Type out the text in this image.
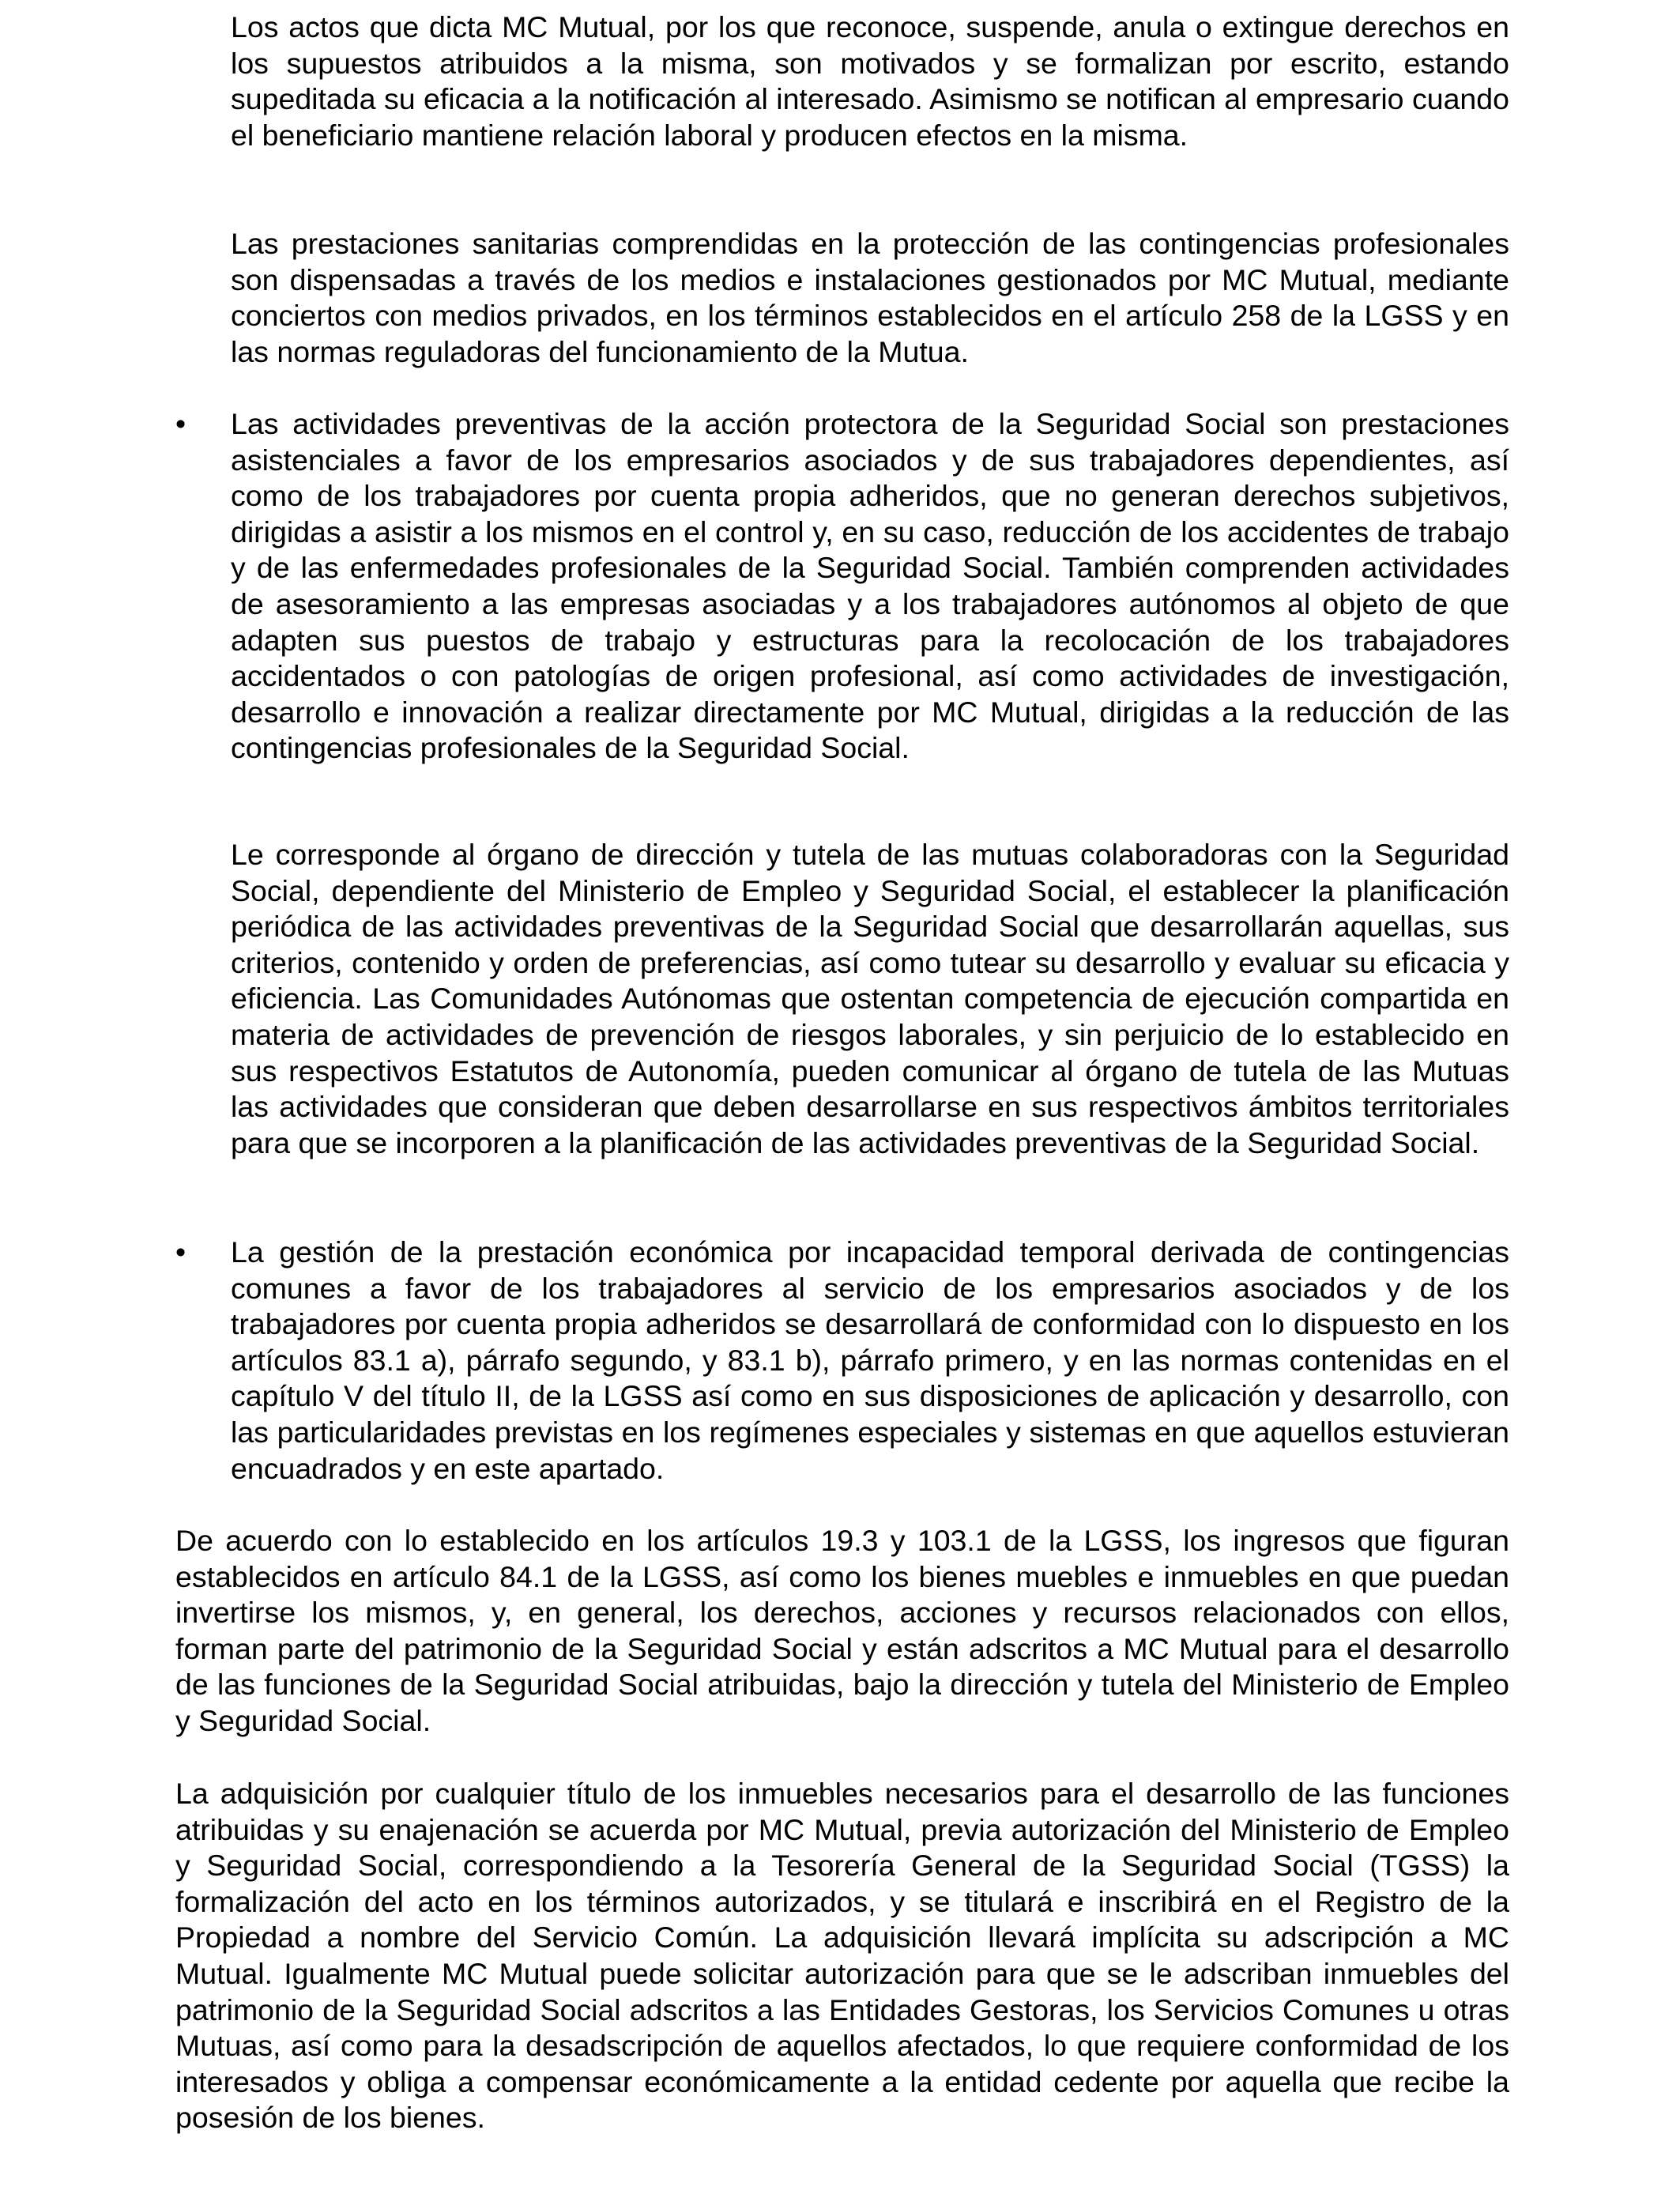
Los actos que dicta MC Mutual, por los que reconoce, suspende, anula o extingue derechos en los supuestos atribuidos a la misma, son motivados y se formalizan por escrito, estando supeditada su eficacia a la notificación al interesado. Asimismo se notifican al empresario cuando el beneficiario mantiene relación laboral y producen efectos en la misma.

Las prestaciones sanitarias comprendidas en la protección de las contingencias profesionales son dispensadas a través de los medios e instalaciones gestionados por MC Mutual, mediante conciertos con medios privados, en los términos establecidos en el artículo 258 de la LGSS y en las normas reguladoras del funcionamiento de la Mutua.

• Las actividades preventivas de la acción protectora de la Seguridad Social son prestaciones asistenciales a favor de los empresarios asociados y de sus trabajadores dependientes, así como de los trabajadores por cuenta propia adheridos, que no generan derechos subjetivos, dirigidas a asistir a los mismos en el control y, en su caso, reducción de los accidentes de trabajo y de las enfermedades profesionales de la Seguridad Social. También comprenden actividades de asesoramiento a las empresas asociadas y a los trabajadores autónomos al objeto de que adapten sus puestos de trabajo y estructuras para la recolocación de los trabajadores accidentados o con patologías de origen profesional, así como actividades de investigación, desarrollo e innovación a realizar directamente por MC Mutual, dirigidas a la reducción de las contingencias profesionales de la Seguridad Social.

Le corresponde al órgano de dirección y tutela de las mutuas colaboradoras con la Seguridad Social, dependiente del Ministerio de Empleo y Seguridad Social, el establecer la planificación periódica de las actividades preventivas de la Seguridad Social que desarrollarán aquellas, sus criterios, contenido y orden de preferencias, así como tutear su desarrollo y evaluar su eficacia y eficiencia. Las Comunidades Autónomas que ostentan competencia de ejecución compartida en materia de actividades de prevención de riesgos laborales, y sin perjuicio de lo establecido en sus respectivos Estatutos de Autonomía, pueden comunicar al órgano de tutela de las Mutuas las actividades que consideran que deben desarrollarse en sus respectivos ámbitos territoriales para que se incorporen a la planificación de las actividades preventivas de la Seguridad Social.

• La gestión de la prestación económica por incapacidad temporal derivada de contingencias comunes a favor de los trabajadores al servicio de los empresarios asociados y de los trabajadores por cuenta propia adheridos se desarrollará de conformidad con lo dispuesto en los artículos 83.1 a), párrafo segundo, y 83.1 b), párrafo primero, y en las normas contenidas en el capítulo V del título II, de la LGSS así como en sus disposiciones de aplicación y desarrollo, con las particularidades previstas en los regímenes especiales y sistemas en que aquellos estuvieran encuadrados y en este apartado.

De acuerdo con lo establecido en los artículos 19.3 y 103.1 de la LGSS, los ingresos que figuran establecidos en artículo 84.1 de la LGSS, así como los bienes muebles e inmuebles en que puedan invertirse los mismos, y, en general, los derechos, acciones y recursos relacionados con ellos, forman parte del patrimonio de la Seguridad Social y están adscritos a MC Mutual para el desarrollo de las funciones de la Seguridad Social atribuidas, bajo la dirección y tutela del Ministerio de Empleo y Seguridad Social.

La adquisición por cualquier título de los inmuebles necesarios para el desarrollo de las funciones atribuidas y su enajenación se acuerda por MC Mutual, previa autorización del Ministerio de Empleo y Seguridad Social, correspondiendo a la Tesorería General de la Seguridad Social (TGSS) la formalización del acto en los términos autorizados, y se titulará e inscribirá en el Registro de la Propiedad a nombre del Servicio Común. La adquisición llevará implícita su adscripción a MC Mutual. Igualmente MC Mutual puede solicitar autorización para que se le adscriban inmuebles del patrimonio de la Seguridad Social adscritos a las Entidades Gestoras, los Servicios Comunes u otras Mutuas, así como para la desadscripción de aquellos afectados, lo que requiere conformidad de los interesados y obliga a compensar económicamente a la entidad cedente por aquella que recibe la posesión de los bienes.
